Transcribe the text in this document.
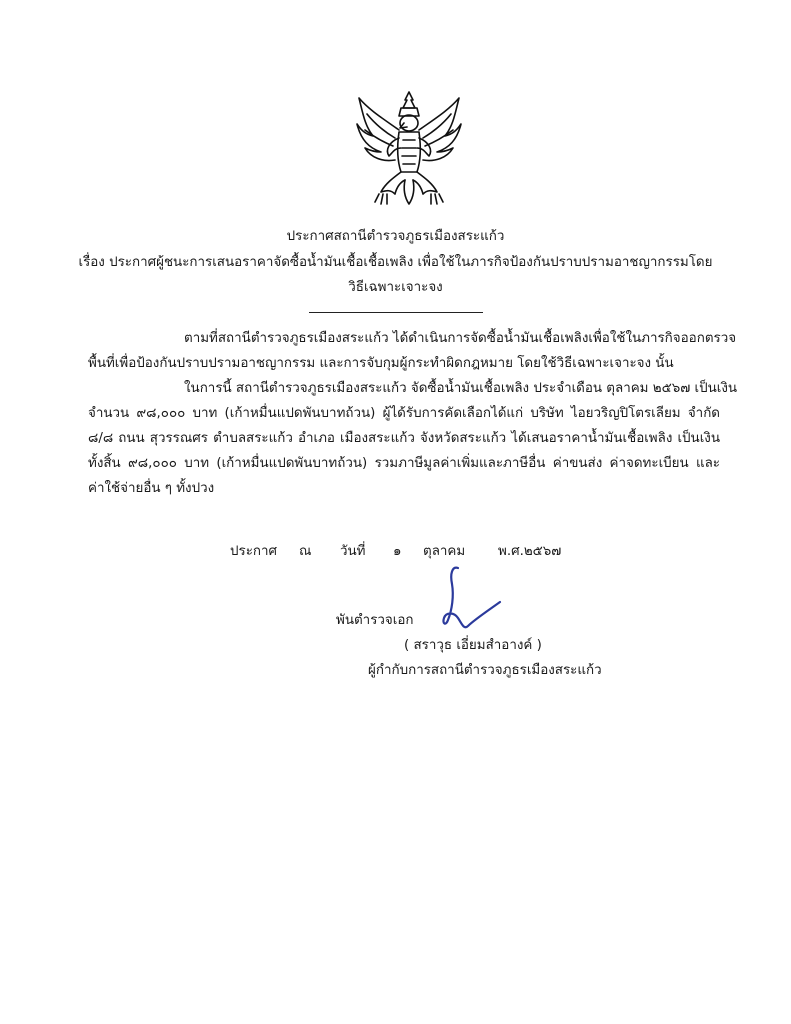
ประกาศสถานีตำรวจภูธรเมืองสระแก้ว
เรื่อง ประกาศผู้ชนะการเสนอราคาจัดซื้อน้ำมันเชื้อเชื้อเพลิง เพื่อใช้ในภารกิจป้องกันปราบปรามอาชญากรรมโดย
วิธีเฉพาะเจาะจง
ตามที่สถานีตำรวจภูธรเมืองสระแก้ว ได้ดำเนินการจัดซื้อน้ำมันเชื้อเพลิงเพื่อใช้ในภารกิจออกตรวจ
พื้นที่เพื่อป้องกันปราบปรามอาชญากรรม และการจับกุมผู้กระทำผิดกฎหมาย โดยใช้วิธีเฉพาะเจาะจง นั้น
ในการนี้ สถานีตำรวจภูธรเมืองสระแก้ว จัดซื้อน้ำมันเชื้อเพลิง ประจำเดือน ตุลาคม ๒๕๖๗ เป็นเงิน
จำนวน ๙๘,๐๐๐ บาท (เก้าหมื่นแปดพันบาทถ้วน) ผู้ได้รับการคัดเลือกได้แก่ บริษัท ไอยวริญปิโตรเลียม จำกัด
๘/๘ ถนน สุวรรณศร ตำบลสระแก้ว อำเภอ เมืองสระแก้ว จังหวัดสระแก้ว ได้เสนอราคาน้ำมันเชื้อเพลิง เป็นเงิน
ทั้งสิ้น ๙๘,๐๐๐ บาท (เก้าหมื่นแปดพันบาทถ้วน) รวมภาษีมูลค่าเพิ่มและภาษีอื่น ค่าขนส่ง ค่าจดทะเบียน และ
ค่าใช้จ่ายอื่น ๆ ทั้งปวง
ประกาศ ณ วันที่ ๑ ตุลาคม พ.ศ.๒๕๖๗
พันตำรวจเอก
( สราวุธ เอี่ยมสำอางค์ )
ผู้กำกับการสถานีตำรวจภูธรเมืองสระแก้ว
